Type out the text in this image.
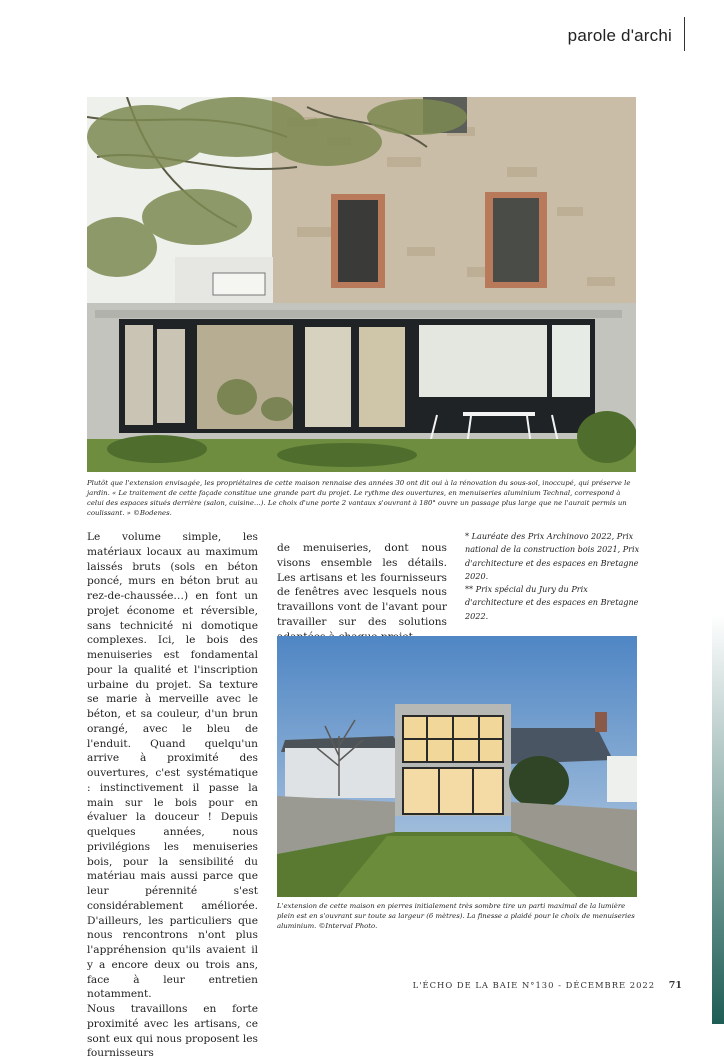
parole d'archi
Plutôt que l'extension envisagée, les propriétaires de cette maison rennaise des années 30 ont dit oui à la rénovation du sous-sol, inoccupé, qui préserve le jardin. « Le traitement de cette façade constitue une grande part du projet. Le rythme des ouvertures, en menuiseries aluminium Technal, correspond à celui des espaces situés derrière (salon, cuisine…). Le choix d'une porte 2 vantaux s'ouvrant à 180° ouvre un passage plus large que ne l'aurait permis un coulissant. » ©Bodenes.

Le volume simple, les matériaux locaux au maximum laissés bruts (sols en béton poncé, murs en béton brut au rez-de-chaussée…) en font un projet économe et réversible, sans technicité ni domotique complexes. Ici, le bois des menuiseries est fondamental pour la qualité et l'inscription urbaine du projet. Sa texture se marie à merveille avec le béton, et sa couleur, d'un brun orangé, avec le bleu de l'enduit. Quand quelqu'un arrive à proximité des ouvertures, c'est systématique : instinctivement il passe la main sur le bois pour en évaluer la douceur ! Depuis quelques années, nous privilégions les menuiseries bois, pour la sensibilité du matériau mais aussi parce que leur pérennité s'est considérablement améliorée. D'ailleurs, les particuliers que nous rencontrons n'ont plus l'appréhension qu'ils avaient il y a encore deux ou trois ans, face à leur entretien notamment.

Nous travaillons en forte proximité avec les artisans, ce sont eux qui nous proposent les fournisseurs

de menuiseries, dont nous visons ensemble les détails. Les artisans et les fournisseurs de fenêtres avec lesquels nous travaillons vont de l'avant pour travailler sur des solutions

* Lauréate des Prix Archinovo 2022, Prix national de la construction bois 2021, Prix d'architecture et des espaces en Bretagne 2020.

** Prix spécial du Jury du Prix d'architecture et des espaces en Bretagne 2022.

L'extension de cette maison en pierres initialement très sombre tire un parti maximal de la lumière plein est en s'ouvrant sur toute sa largeur (6 mètres). La finesse a plaidé pour le choix de menuiseries aluminium. ©Interval Photo.
L'ÉCHO DE LA BAIE N°130 - DÉCEMBRE 2022 71
